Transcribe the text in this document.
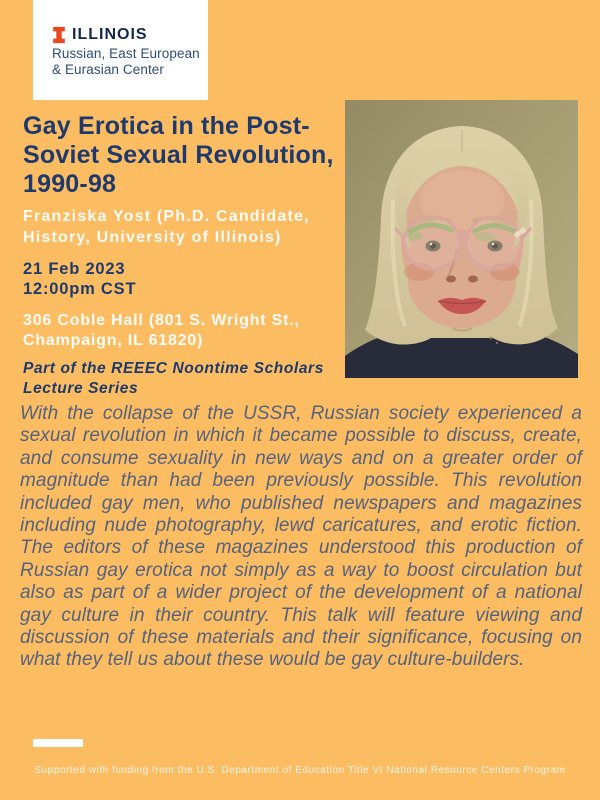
ILLINOIS
Russian, East European
& Eurasian Center
Gay Erotica in the Post-
Soviet Sexual Revolution,
1990-98
Franziska Yost (Ph.D. Candidate,
History, University of Illinois)
21 Feb 2023
12:00pm CST
306 Coble Hall (801 S. Wright St.,
Champaign, IL 61820)
Part of the REEEC Noontime Scholars
Lecture Series
With the collapse of the USSR, Russian society experienced a sexual revolution in which it became possible to discuss, create, and consume sexuality in new ways and on a greater order of magnitude than had been previously possible. This revolution included gay men, who published newspapers and magazines including nude photography, lewd caricatures, and erotic fiction. The editors of these magazines understood this production of Russian gay erotica not simply as a way to boost circulation but also as part of a wider project of the development of a national gay culture in their country. This talk will feature viewing and discussion of these materials and their significance, focusing on what they tell us about these would be gay culture-builders.
Supported with funding from the U.S. Department of Education Title VI National Resource Centers Program
